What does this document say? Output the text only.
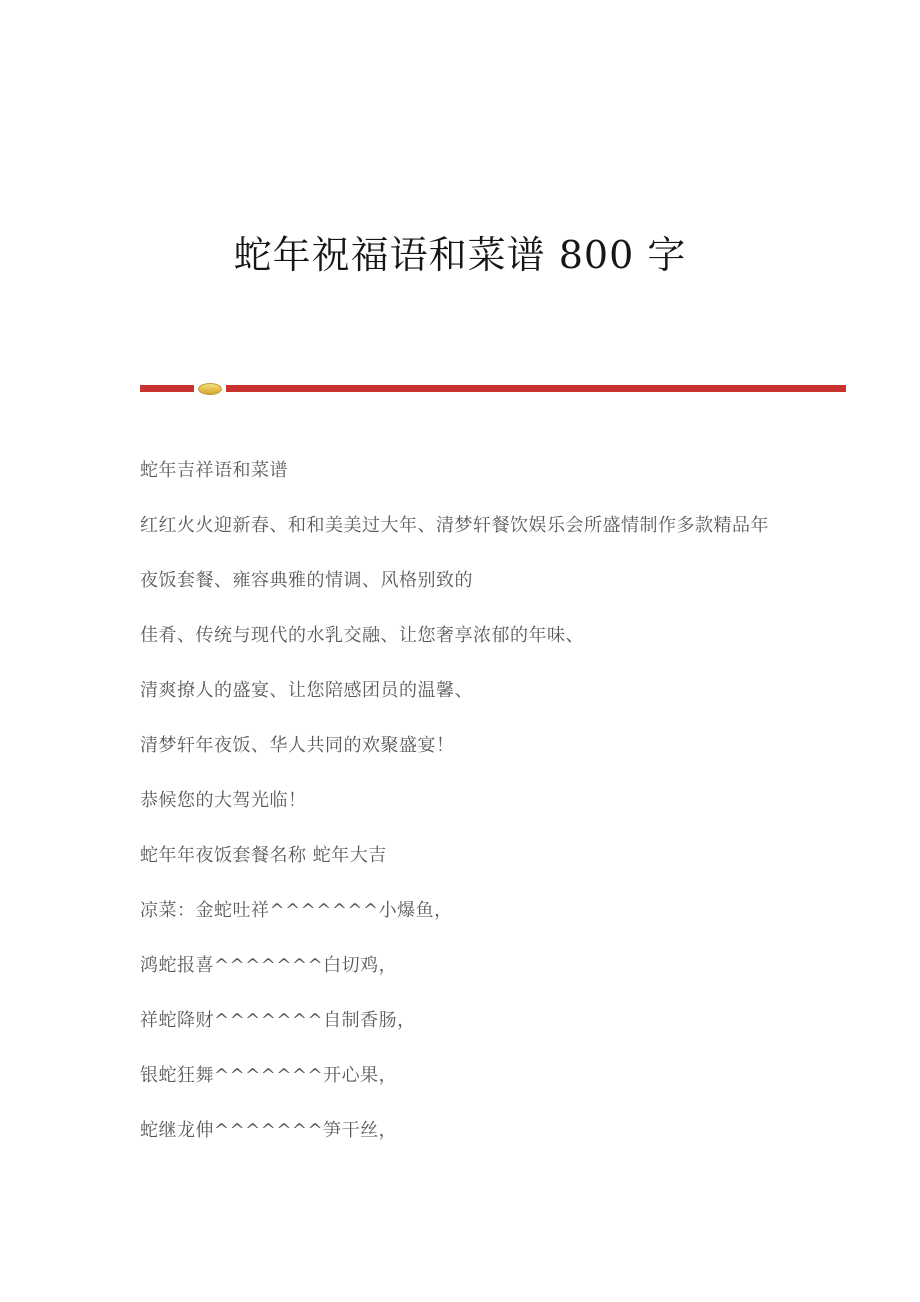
蛇年祝福语和菜谱 800 字

蛇年吉祥语和菜谱

红红火火迎新春、和和美美过大年、清梦轩餐饮娱乐会所盛情制作多款精品年

夜饭套餐、雍容典雅的情调、风格别致的

佳肴、传统与现代的水乳交融、让您奢享浓郁的年味、

清爽撩人的盛宴、让您陪感团员的温馨、

清梦轩年夜饭、华人共同的欢聚盛宴！

恭候您的大驾光临！

蛇年年夜饭套餐名称 蛇年大吉

凉菜：金蛇吐祥^^^^^^^小爆鱼，

鸿蛇报喜^^^^^^^白切鸡，

祥蛇降财^^^^^^^自制香肠，

银蛇狂舞^^^^^^^开心果，

蛇继龙伸^^^^^^^笋干丝，
